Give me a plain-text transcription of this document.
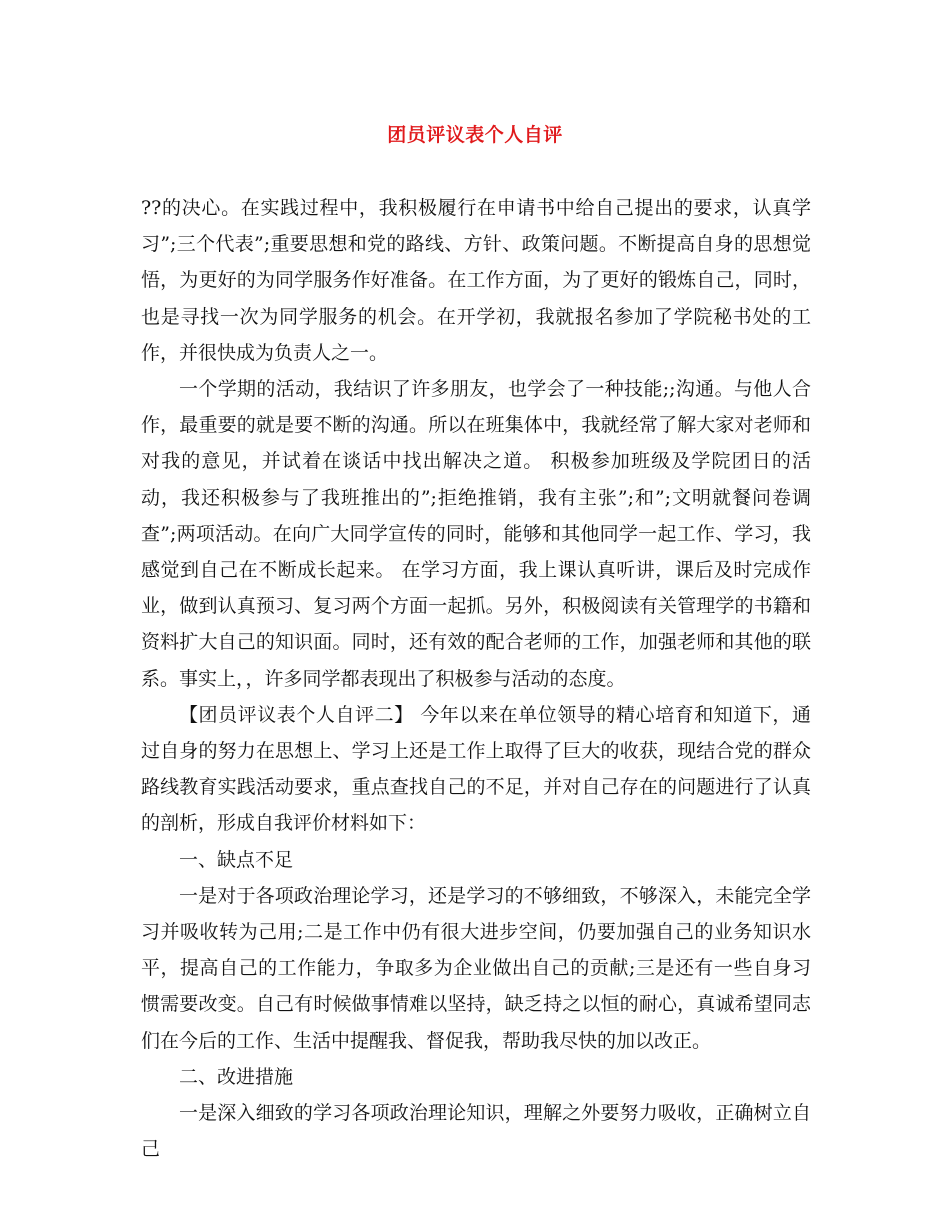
团员评议表个人自评

??的决心。在实践过程中，我积极履行在申请书中给自己提出的要求，认真学习”;三个代表”;重要思想和党的路线、方针、政策问题。不断提高自身的思想觉悟，为更好的为同学服务作好准备。在工作方面，为了更好的锻炼自己，同时，也是寻找一次为同学服务的机会。在开学初，我就报名参加了学院秘书处的工作，并很快成为负责人之一。

一个学期的活动，我结识了许多朋友，也学会了一种技能;;沟通。与他人合作，最重要的就是要不断的沟通。所以在班集体中，我就经常了解大家对老师和对我的意见，并试着在谈话中找出解决之道。 积极参加班级及学院团日的活动，我还积极参与了我班推出的”;拒绝推销，我有主张”;和”;文明就餐问卷调查”;两项活动。在向广大同学宣传的同时，能够和其他同学一起工作、学习，我感觉到自己在不断成长起来。 在学习方面，我上课认真听讲，课后及时完成作业，做到认真预习、复习两个方面一起抓。另外，积极阅读有关管理学的书籍和资料扩大自己的知识面。同时，还有效的配合老师的工作，加强老师和其他的联系。事实上，，许多同学都表现出了积极参与活动的态度。

【团员评议表个人自评二】 今年以来在单位领导的精心培育和知道下，通过自身的努力在思想上、学习上还是工作上取得了巨大的收获，现结合党的群众路线教育实践活动要求，重点查找自己的不足，并对自己存在的问题进行了认真的剖析，形成自我评价材料如下：

一、缺点不足

一是对于各项政治理论学习，还是学习的不够细致，不够深入，未能完全学习并吸收转为己用;二是工作中仍有很大进步空间，仍要加强自己的业务知识水平，提高自己的工作能力，争取多为企业做出自己的贡献;三是还有一些自身习惯需要改变。自己有时候做事情难以坚持，缺乏持之以恒的耐心，真诚希望同志们在今后的工作、生活中提醒我、督促我，帮助我尽快的加以改正。

二、改进措施

一是深入细致的学习各项政治理论知识，理解之外要努力吸收，正确树立自己
